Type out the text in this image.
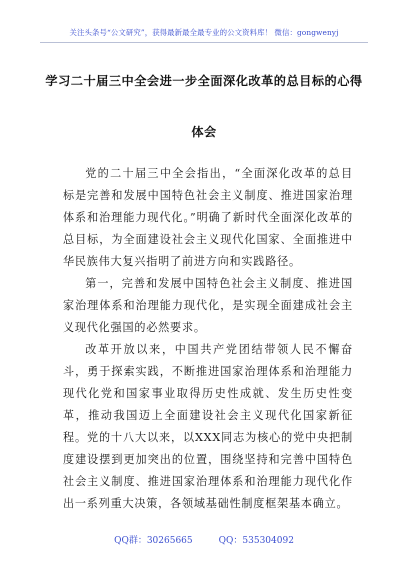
关注头条号“公文研究”，获得最新最全最专业的公文资料库！ 微信：gongwenyj
学习二十届三中全会进一步全面深化改革的总目标的心得
体会

党的二十届三中全会指出，“全面深化改革的总目标是完善和发展中国特色社会主义制度、推进国家治理体系和治理能力现代化。”明确了新时代全面深化改革的总目标，为全面建设社会主义现代化国家、全面推进中华民族伟大复兴指明了前进方向和实践路径。

第一，完善和发展中国特色社会主义制度、推进国家治理体系和治理能力现代化，是实现全面建成社会主义现代化强国的必然要求。

改革开放以来，中国共产党团结带领人民不懈奋斗，勇于探索实践，不断推进国家治理体系和治理能力现代化党和国家事业取得历史性成就、发生历史性变革，推动我国迈上全面建设社会主义现代化国家新征程。党的十八大以来，以XXX同志为核心的党中央把制度建设摆到更加突出的位置，围绕坚持和完善中国特色社会主义制度、推进国家治理体系和治理能力现代化作出一系列重大决策，各领域基础性制度框架基本确立。

QQ群：30265665	QQ：535304092
